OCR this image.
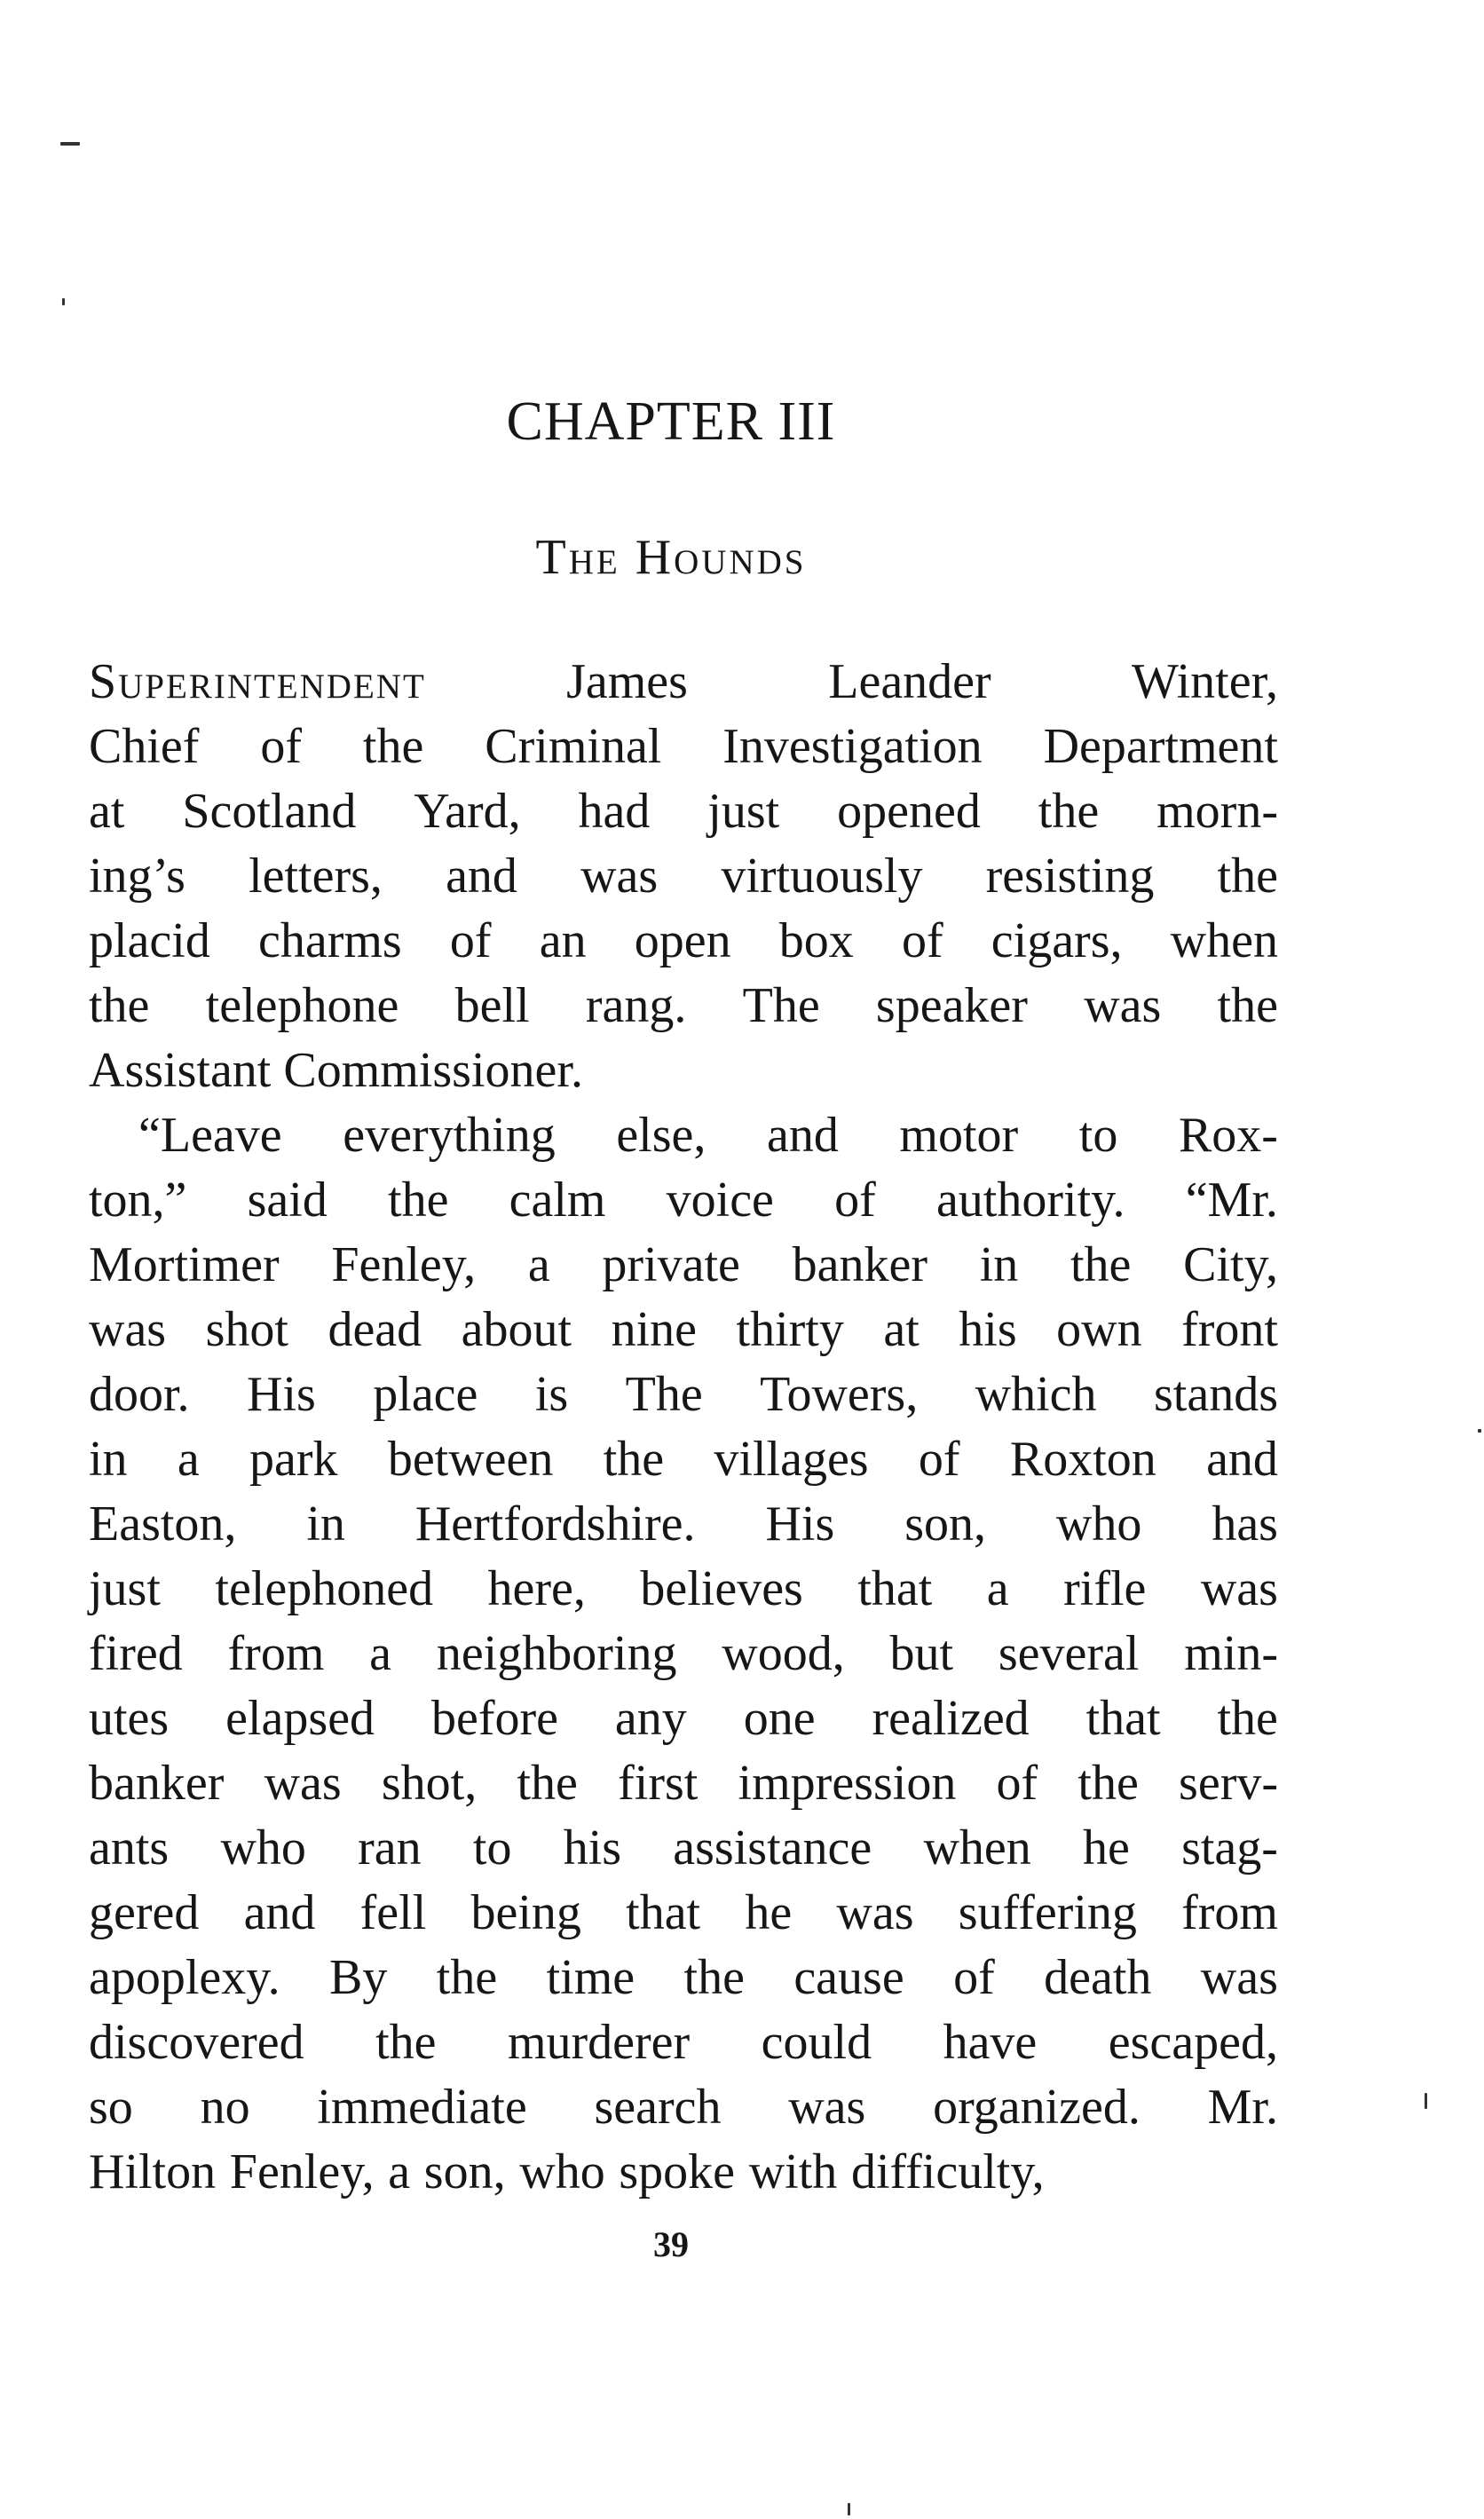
CHAPTER III
The Hounds
Superintendent	James	Leander	Winter,
Chief of the Criminal Investigation Department
at Scotland Yard, had just opened the morn-
ing’s letters, and was virtuously resisting the
placid charms of an open box of cigars, when
the telephone bell rang. The speaker was the
Assistant Commissioner.
“Leave everything else, and motor to Rox-
ton,” said the calm voice of authority. “Mr.
Mortimer Fenley, a private banker in the City,
was shot dead about nine thirty at his own front
door. His place is The Towers, which stands
in a park between the villages of Roxton and
Easton, in Hertfordshire. His son, who has
just telephoned here, believes that a rifle was
fired from a neighboring wood, but several min-
utes elapsed before any one realized that the
banker was shot, the first impression of the serv-
ants who ran to his assistance when he stag-
gered and fell being that he was suffering from
apoplexy. By the time the cause of death was
discovered the murderer could have escaped,
so no immediate search was organized. Mr.
Hilton Fenley, a son, who spoke with difficulty,
39
